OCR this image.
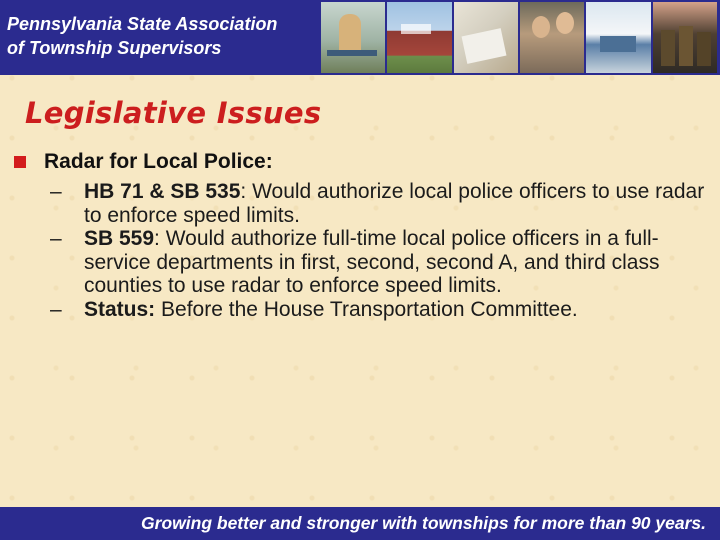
Pennsylvania State Association
of Township Supervisors
Legislative Issues
Radar for Local Police:
–	HB 71 & SB 535: Would authorize local police officers to use radar to enforce speed limits.
–	SB 559: Would authorize full-time local police officers in a full-service departments in first, second, second A, and third class counties to use radar to enforce speed limits.
–	Status: Before the House Transportation Committee.
Growing better and stronger with townships for more than 90 years.
